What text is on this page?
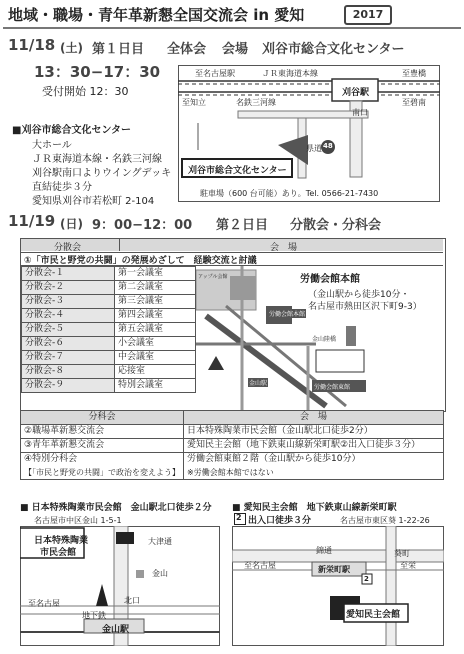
地域・職場・青年革新懇全国交流会 in 愛知	2017
11/18 (土) 第１日目 全体会 会場 刈谷市総合文化センター
13：30−17：30
受付開始 12：30
■刈谷市総合文化センター
大ホール
ＪＲ東海道本線・名鉄三河線
刈谷駅南口よりウイングデッキ
直結徒歩３分
愛知県刈谷市若松町 2-104
至名古屋駅	ＪＲ東海道本線	至豊橋
至知立	名鉄三河線	至碧南
刈谷駅
南口
県道 48
刈谷市総合文化センター
駐車場（600 台可能）あり。Tel. 0566-21-7430
11/19 (日) 9：00−12：00 第２日目 分散会・分科会
分散会	会　場
①「市民と野党の共闘」の発展めざして　経験交流と討議
分散会-１	第一会議室
分散会-２	第二会議室
分散会-３	第三会議室
分散会-４	第四会議室
分散会-５	第五会議室
分散会-６	小会議室
分散会-７	中会議室
分散会-８	応接室
分散会-９	特別会議室
労働会館本館
（金山駅から徒歩10分・
名古屋市熱田区沢下町9-3）
アップル会館
労働会館本館
労働会館東館
金山駅
金山陸橋
分科会	会　場
②職場革新懇交流会	日本特殊陶業市民会館（金山駅北口徒歩2分）
③青年革新懇交流会	愛知民主会館（地下鉄東山線新栄町駅②出入口徒歩３分）
④特別分科会	労働会館東館２階（金山駅から徒歩10分）
【「市民と野党の共闘」で政治を変えよう】	※労働会館本館ではない
■ 日本特殊陶業市民会館　金山駅北口徒歩２分
名古屋市中区金山 1-5-1
日本特殊陶業
市民会館
大津通
金山
至名古屋
地下鉄
北口
金山駅
■ 愛知民主会館　地下鉄東山線新栄町駅
2 出入口徒歩３分	名古屋市東区葵 1-22-26
錦通
至名古屋	至栄
新栄町駅
葵町
2
愛知民主会館
